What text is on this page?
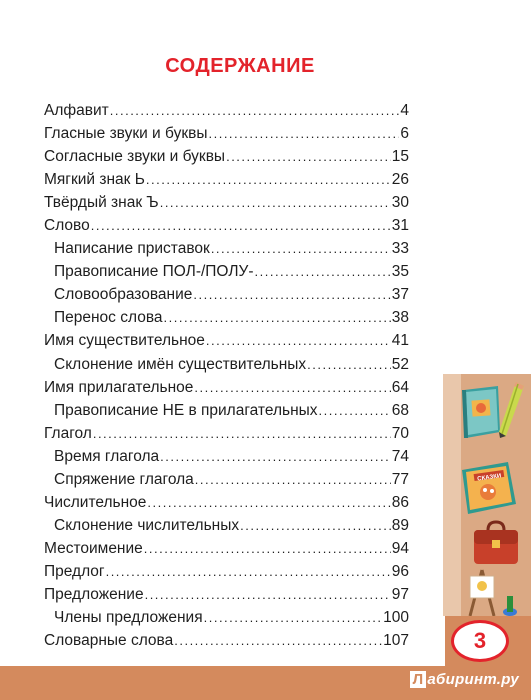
СОДЕРЖАНИЕ
Алфавит .....	4
Гласные звуки и буквы .....	6
Согласные звуки и буквы .....	15
Мягкий знак Ь .....	26
Твёрдый знак Ъ .....	30
Слово .....	31
Написание приставок .....	33
Правописание ПОЛ-/ПОЛУ- .....	35
Словообразование .....	37
Перенос слова .....	38
Имя существительное .....	41
Склонение имён существительных .....	52
Имя прилагательное .....	64
Правописание НЕ в прилагательных .....	68
Глагол .....	70
Время глагола .....	74
Спряжение глагола .....	77
Числительное .....	86
Склонение числительных .....	89
Местоимение .....	94
Предлог .....	96
Предложение .....	97
Члены предложения .....	100
Словарные слова .....	107
СКАЗКИ
3
Л абиринт.ру
